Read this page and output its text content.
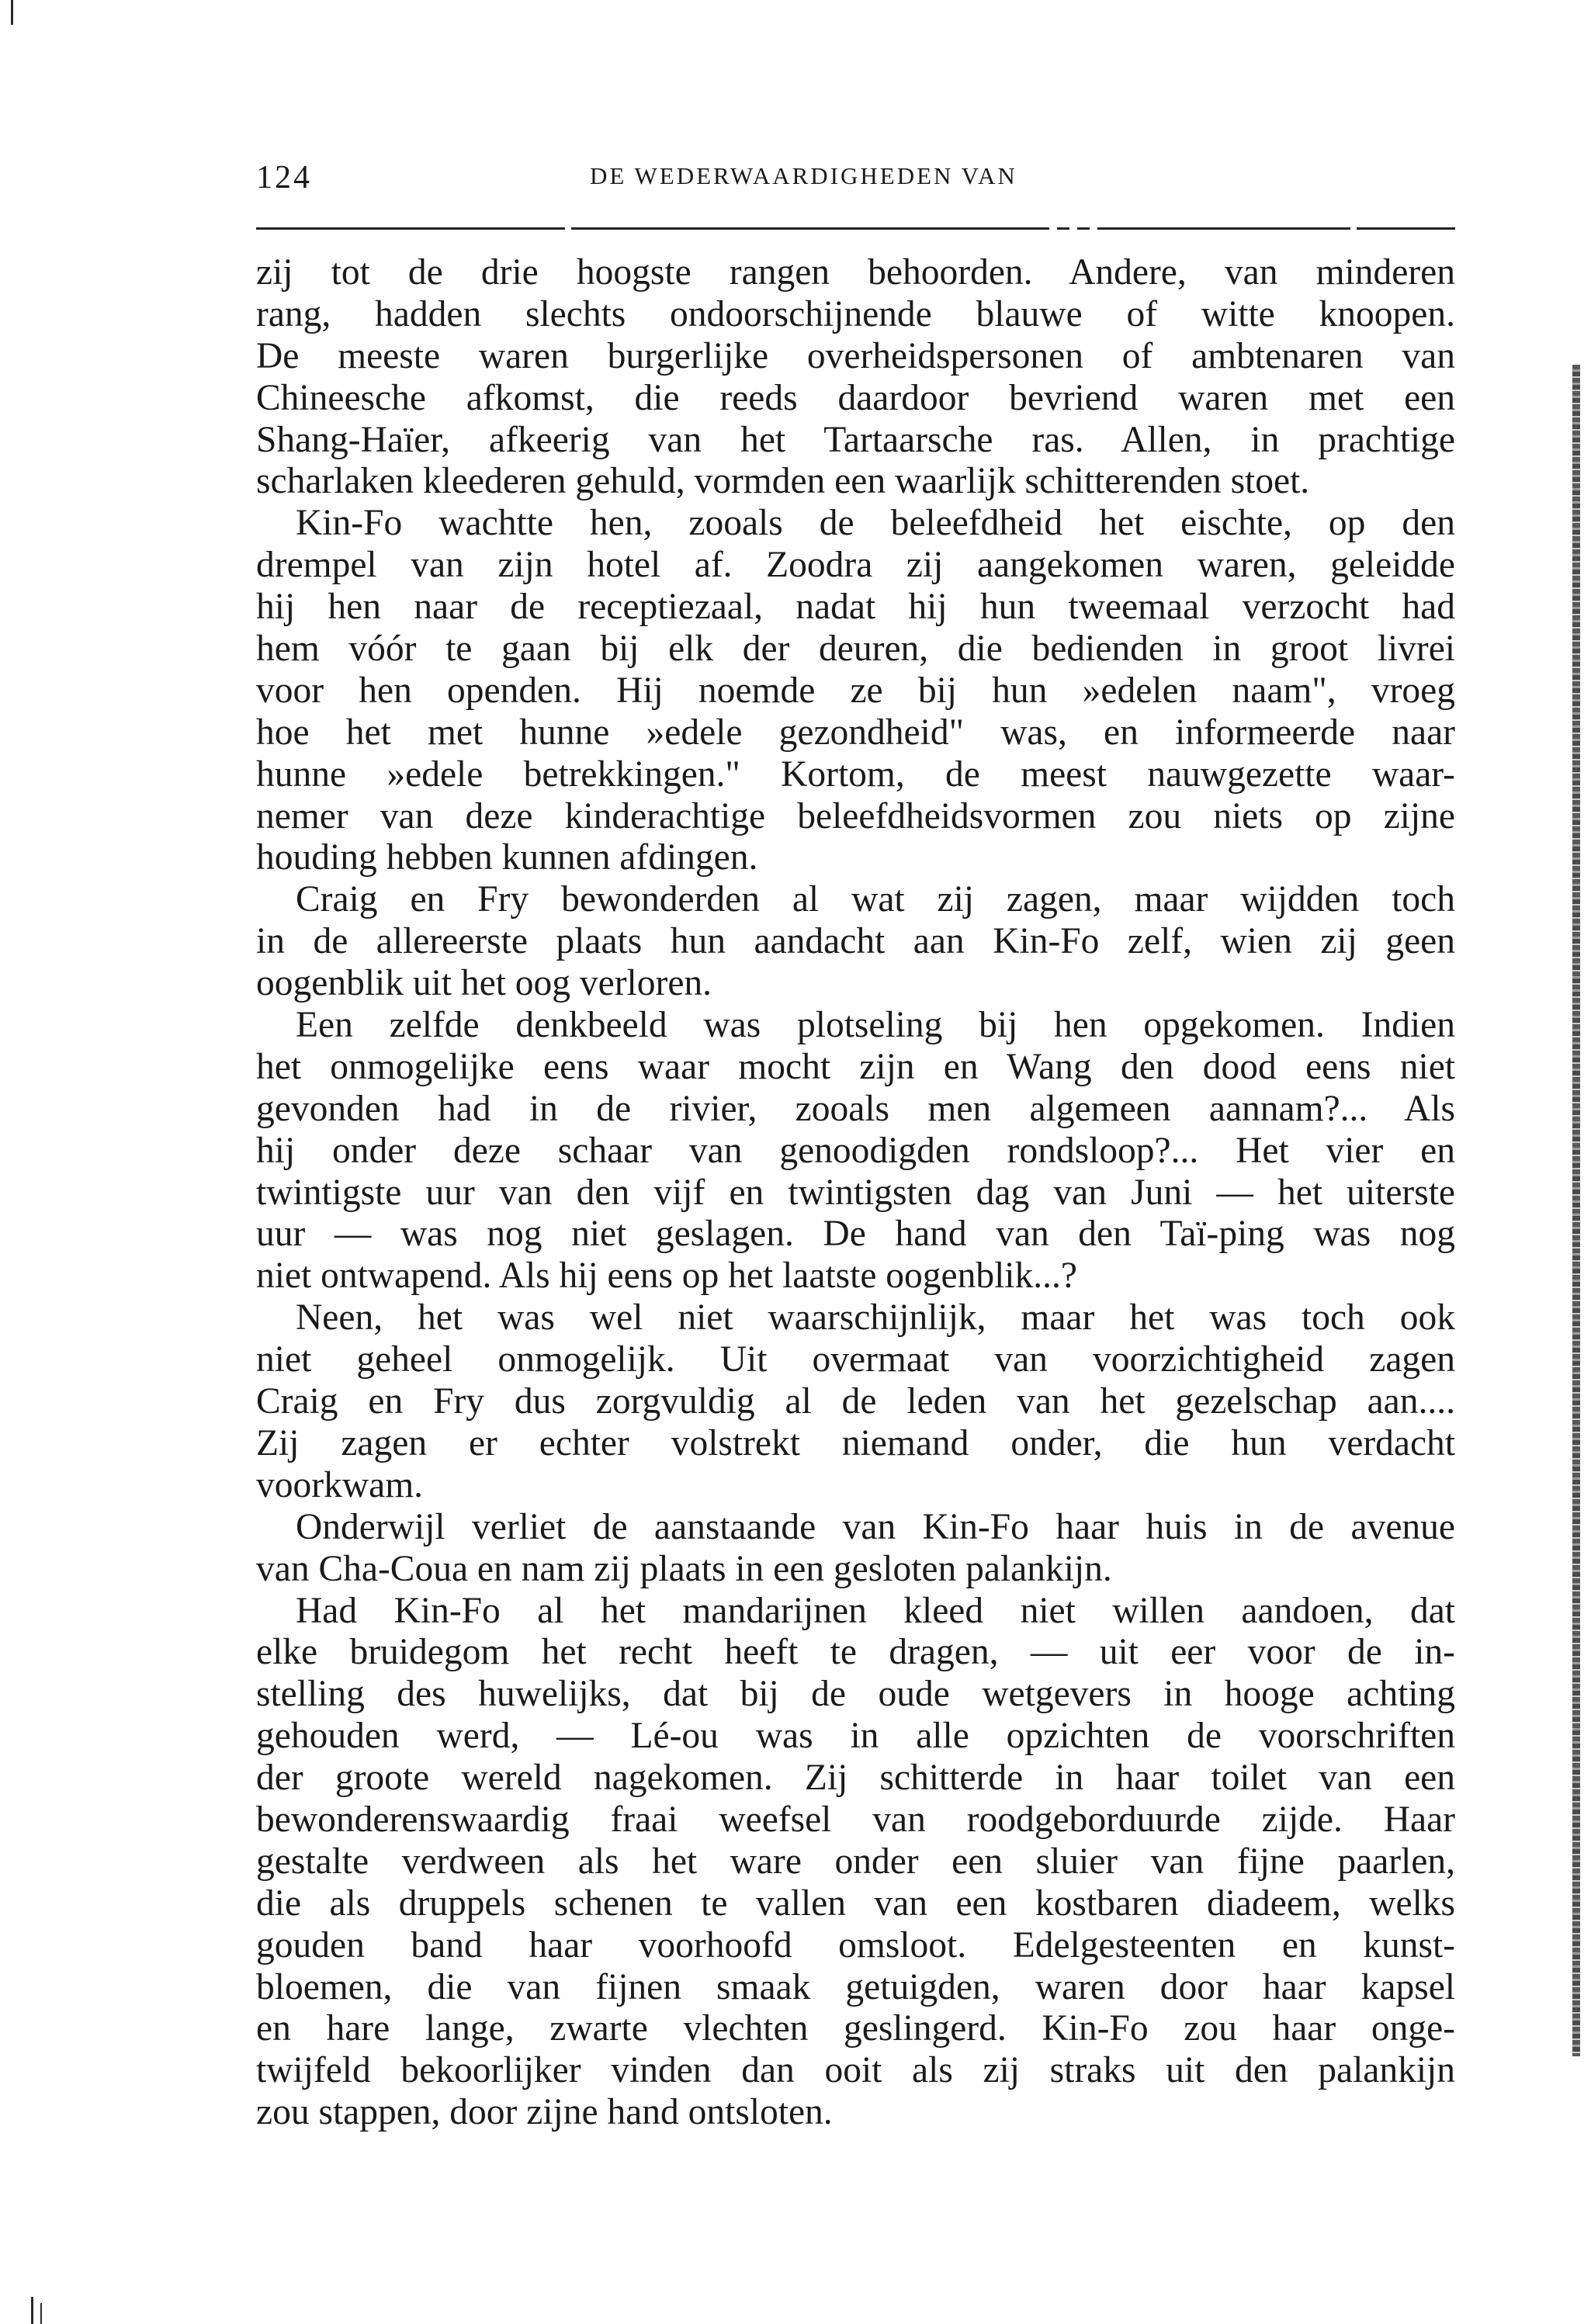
124	DE WEDERWAARDIGHEDEN VAN
zij tot de drie hoogste rangen behoorden. Andere, van minderen
rang, hadden slechts ondoorschijnende blauwe of witte knoopen.
De meeste waren burgerlijke overheidspersonen of ambtenaren van
Chineesche afkomst, die reeds daardoor bevriend waren met een
Shang-Haïer, afkeerig van het Tartaarsche ras. Allen, in prachtige
scharlaken kleederen gehuld, vormden een waarlijk schitterenden stoet.
Kin-Fo wachtte hen, zooals de beleefdheid het eischte, op den
drempel van zijn hotel af. Zoodra zij aangekomen waren, geleidde
hij hen naar de receptiezaal, nadat hij hun tweemaal verzocht had
hem vóór te gaan bij elk der deuren, die bedienden in groot livrei
voor hen openden. Hij noemde ze bij hun »edelen naam", vroeg
hoe het met hunne »edele gezondheid" was, en informeerde naar
hunne »edele betrekkingen." Kortom, de meest nauwgezette waar-
nemer van deze kinderachtige beleefdheidsvormen zou niets op zijne
houding hebben kunnen afdingen.
Craig en Fry bewonderden al wat zij zagen, maar wijdden toch
in de allereerste plaats hun aandacht aan Kin-Fo zelf, wien zij geen
oogenblik uit het oog verloren.
Een zelfde denkbeeld was plotseling bij hen opgekomen. Indien
het onmogelijke eens waar mocht zijn en Wang den dood eens niet
gevonden had in de rivier, zooals men algemeen aannam?... Als
hij onder deze schaar van genoodigden rondsloop?... Het vier en
twintigste uur van den vijf en twintigsten dag van Juni — het uiterste
uur — was nog niet geslagen. De hand van den Taï-ping was nog
niet ontwapend. Als hij eens op het laatste oogenblik...?
Neen, het was wel niet waarschijnlijk, maar het was toch ook
niet geheel onmogelijk. Uit overmaat van voorzichtigheid zagen
Craig en Fry dus zorgvuldig al de leden van het gezelschap aan....
Zij zagen er echter volstrekt niemand onder, die hun verdacht
voorkwam.
Onderwijl verliet de aanstaande van Kin-Fo haar huis in de avenue
van Cha-Coua en nam zij plaats in een gesloten palankijn.
Had Kin-Fo al het mandarijnen kleed niet willen aandoen, dat
elke bruidegom het recht heeft te dragen, — uit eer voor de in-
stelling des huwelijks, dat bij de oude wetgevers in hooge achting
gehouden werd, — Lé-ou was in alle opzichten de voorschriften
der groote wereld nagekomen. Zij schitterde in haar toilet van een
bewonderenswaardig fraai weefsel van roodgeborduurde zijde. Haar
gestalte verdween als het ware onder een sluier van fijne paarlen,
die als druppels schenen te vallen van een kostbaren diadeem, welks
gouden band haar voorhoofd omsloot. Edelgesteenten en kunst-
bloemen, die van fijnen smaak getuigden, waren door haar kapsel
en hare lange, zwarte vlechten geslingerd. Kin-Fo zou haar onge-
twijfeld bekoorlijker vinden dan ooit als zij straks uit den palankijn
zou stappen, door zijne hand ontsloten.
